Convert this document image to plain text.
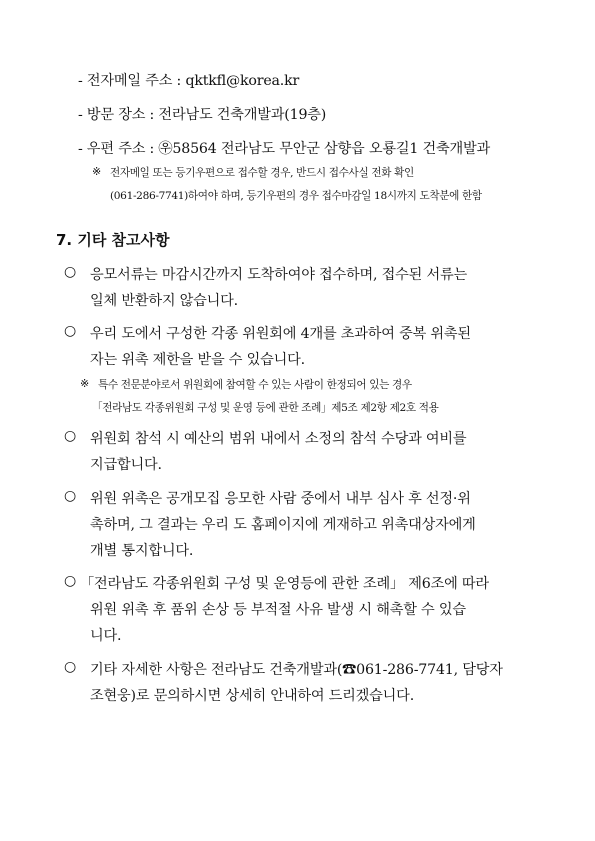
- 전자메일 주소 : qktkfl@korea.kr
- 방문 장소 : 전라남도 건축개발과(19층)
- 우편 주소 : ㉾58564 전라남도 무안군 삼향읍 오룡길1 건축개발과
※ 전자메일 또는 등기우편으로 접수할 경우, 반드시 접수사실 전화 확인
(061-286-7741)하여야 하며, 등기우편의 경우 접수마감일 18시까지 도착분에 한함
7. 기타 참고사항
○ 응모서류는 마감시간까지 도착하여야 접수하며, 접수된 서류는
일체 반환하지 않습니다.
○ 우리 도에서 구성한 각종 위원회에 4개를 초과하여 중복 위촉된
자는 위촉 제한을 받을 수 있습니다.
※ 특수 전문분야로서 위원회에 참여할 수 있는 사람이 한정되어 있는 경우
「전라남도 각종위원회 구성 및 운영 등에 관한 조례」제5조 제2항 제2호 적용
○ 위원회 참석 시 예산의 범위 내에서 소정의 참석 수당과 여비를
지급합니다.
○ 위원 위촉은 공개모집 응모한 사람 중에서 내부 심사 후 선정·위
촉하며, 그 결과는 우리 도 홈페이지에 게재하고 위촉대상자에게
개별 통지합니다.
○ 「전라남도 각종위원회 구성 및 운영등에 관한 조례」 제6조에 따라
위원 위촉 후 품위 손상 등 부적절 사유 발생 시 해촉할 수 있습
니다.
○ 기타 자세한 사항은 전라남도 건축개발과(☎061-286-7741, 담당자
조현웅)로 문의하시면 상세히 안내하여 드리겠습니다.
